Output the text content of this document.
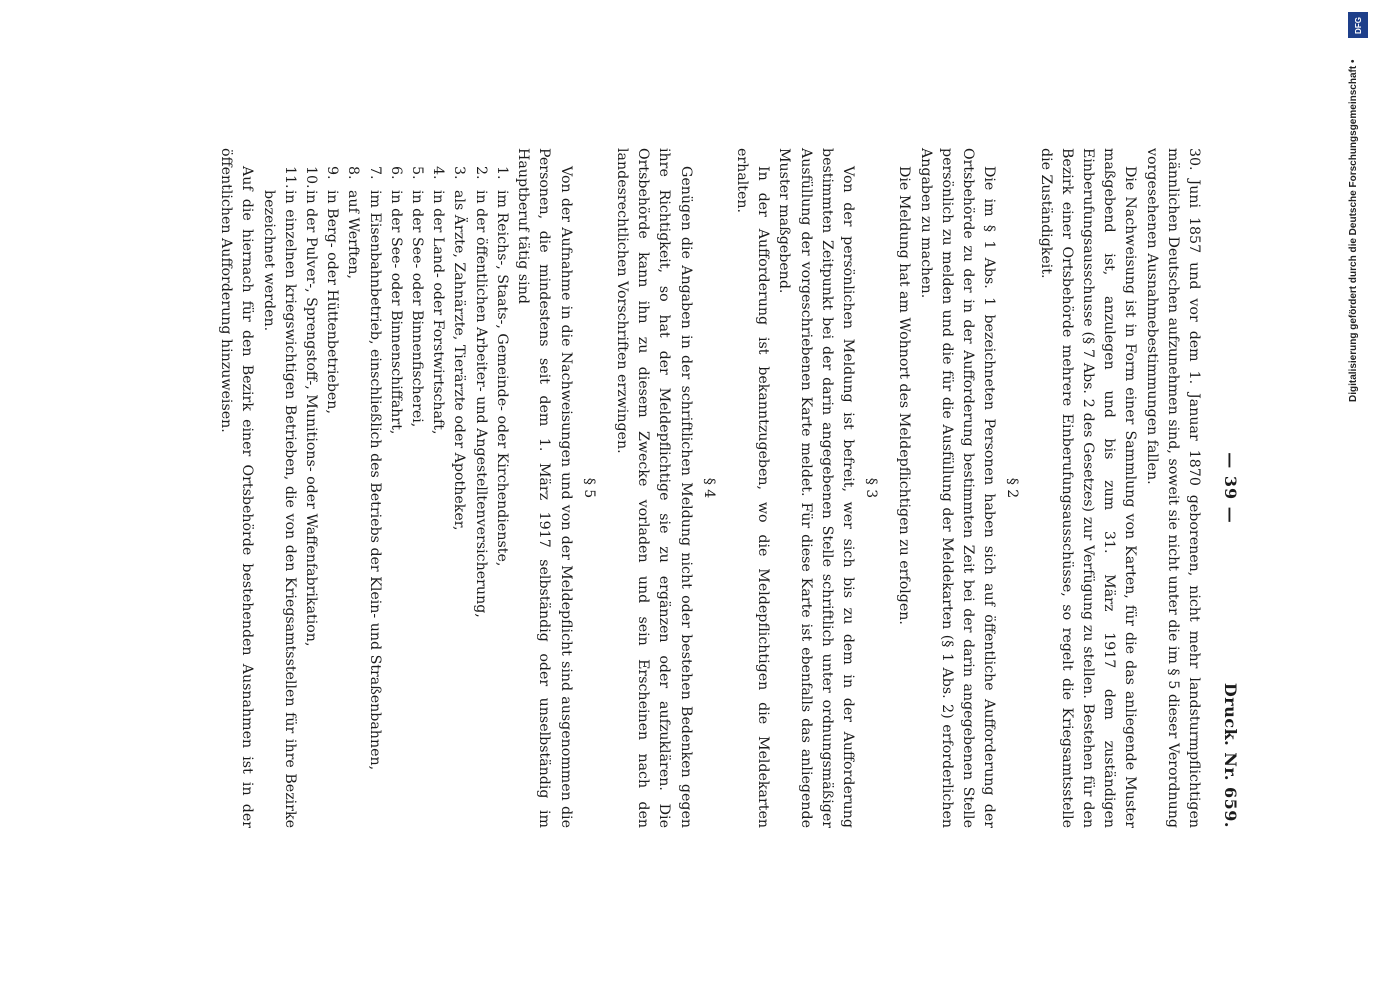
— 39 —
Druck. Nr. 659.

30. Juni 1857 und vor dem 1. Januar 1870 geborenen, nicht mehr landsturmpflichtigen männlichen Deutschen aufzunehmen sind, soweit sie nicht unter die im § 5 dieser Verordnung vorgesehenen Ausnahmebestimmungen fallen.

Die Nachweisung ist in Form einer Sammlung von Karten, für die das anliegende Muster maßgebend ist, anzulegen und bis zum 31. März 1917 dem zuständigen Einberufungsausschusse (§ 7 Abs. 2 des Gesetzes) zur Verfügung zu stellen. Bestehen für den Bezirk einer Ortsbehörde mehrere Einberufungsausschüsse, so regelt die Kriegsamtsstelle die Zuständigkeit.

§ 2

Die im § 1 Abs. 1 bezeichneten Personen haben sich auf öffentliche Aufforderung der Ortsbehörde zu der in der Aufforderung bestimmten Zeit bei der darin angegebenen Stelle persönlich zu melden und die für die Ausfüllung der Meldekarten (§ 1 Abs. 2) erforderlichen Angaben zu machen.

Die Meldung hat am Wohnort des Meldepflichtigen zu erfolgen.

§ 3

Von der persönlichen Meldung ist befreit, wer sich bis zu dem in der Aufforderung bestimmten Zeitpunkt bei der darin angegebenen Stelle schriftlich unter ordnungsmäßiger Ausfüllung der vorgeschriebenen Karte meldet. Für diese Karte ist ebenfalls das anliegende Muster maßgebend.

In der Aufforderung ist bekanntzugeben, wo die Meldepflichtigen die Meldekarten erhalten.

§ 4

Genügen die Angaben in der schriftlichen Meldung nicht oder bestehen Bedenken gegen ihre Richtigkeit, so hat der Meldepflichtige sie zu ergänzen oder aufzuklären. Die Ortsbehörde kann ihn zu diesem Zwecke vorladen und sein Erscheinen nach den landesrechtlichen Vorschriften erzwingen.

§ 5

Von der Aufnahme in die Nachweisungen und von der Meldepflicht sind ausgenommen die Personen, die mindestens seit dem 1. März 1917 selbständig oder unselbständig im Hauptberuf tätig sind

1.im Reichs-, Staats-, Gemeinde- oder Kirchendienste,
2.in der öffentlichen Arbeiter- und Angestelltenversicherung,
3.als Ärzte, Zahnärzte, Tierärzte oder Apotheker,
4.in der Land- oder Forstwirtschaft,
5.in der See- oder Binnenfischerei,
6.in der See- oder Binnenschiffahrt,
7.im Eisenbahnbetrieb, einschließlich des Betriebs der Klein- und Straßenbahnen,
8.auf Werften,
9.in Berg- oder Hüttenbetrieben,
10.in der Pulver-, Sprengstoff-, Munitions- oder Waffenfabrikation,
11.in einzelnen kriegswichtigen Betrieben, die von den Kriegsamtsstellen für ihre Bezirke bezeichnet werden.

Auf die hiernach für den Bezirk einer Ortsbehörde bestehenden Ausnahmen ist in der öffentlichen Aufforderung hinzuweisen.

DFG
Digitalisierung gefördert durch die Deutsche Forschungsgemeinschaft •
